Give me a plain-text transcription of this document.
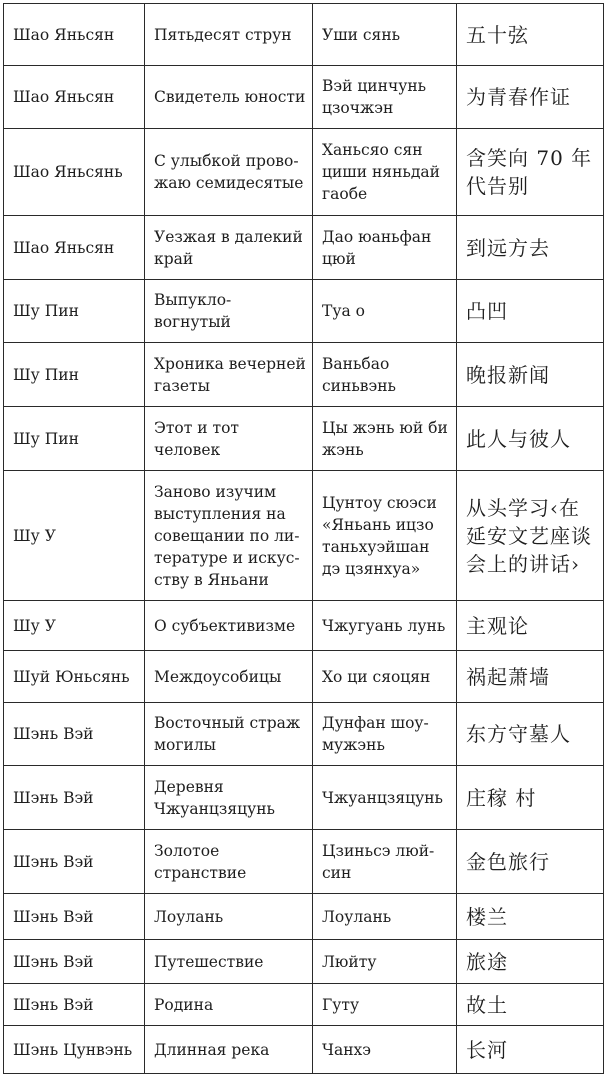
Шао Яньсян	Пятьдесят струн	Уши сянь	五十弦
Шао Яньсян	Свидетель юности	Вэй цинчунь цзочжэн	为青春作证
Шао Яньсянь	С улыбкой прово-жаю семидесятые	Ханьсяо сян циши няньдай гаобе	含笑向 70 年代告别
Шао Яньсян	Уезжая в далекий край	Дао юаньфан цюй	到远方去
Шу Пин	Выпукло-вогнутый	Туа о	凸凹
Шу Пин	Хроника вечерней газеты	Ваньбао синьвэнь	晚报新闻
Шу Пин	Этот и тот человек	Цы жэнь юй би жэнь	此人与彼人
Шу У	Заново изучим выступления на совещании по ли-тературе и искус-ству в Яньани	Цунтоу сюэси «Яньань ицзо таньхуэйшан дэ цзянхуа»	从头学习‹在延安文艺座谈会上的讲话›
Шу У	О субъективизме	Чжугуань лунь	主观论
Шуй Юньсянь	Междоусобицы	Хо ци сяоцян	祸起萧墙
Шэнь Вэй	Восточный страж могилы	Дунфан шоу-мужэнь	东方守墓人
Шэнь Вэй	Деревня Чжуанцзяцунь	Чжуанцзяцунь	庄稼 村
Шэнь Вэй	Золотое странствие	Цзиньсэ люй-син	金色旅行
Шэнь Вэй	Лоулань	Лоулань	楼兰
Шэнь Вэй	Путешествие	Люйту	旅途
Шэнь Вэй	Родина	Гуту	故土
Шэнь Цунвэнь	Длинная река	Чанхэ	长河
